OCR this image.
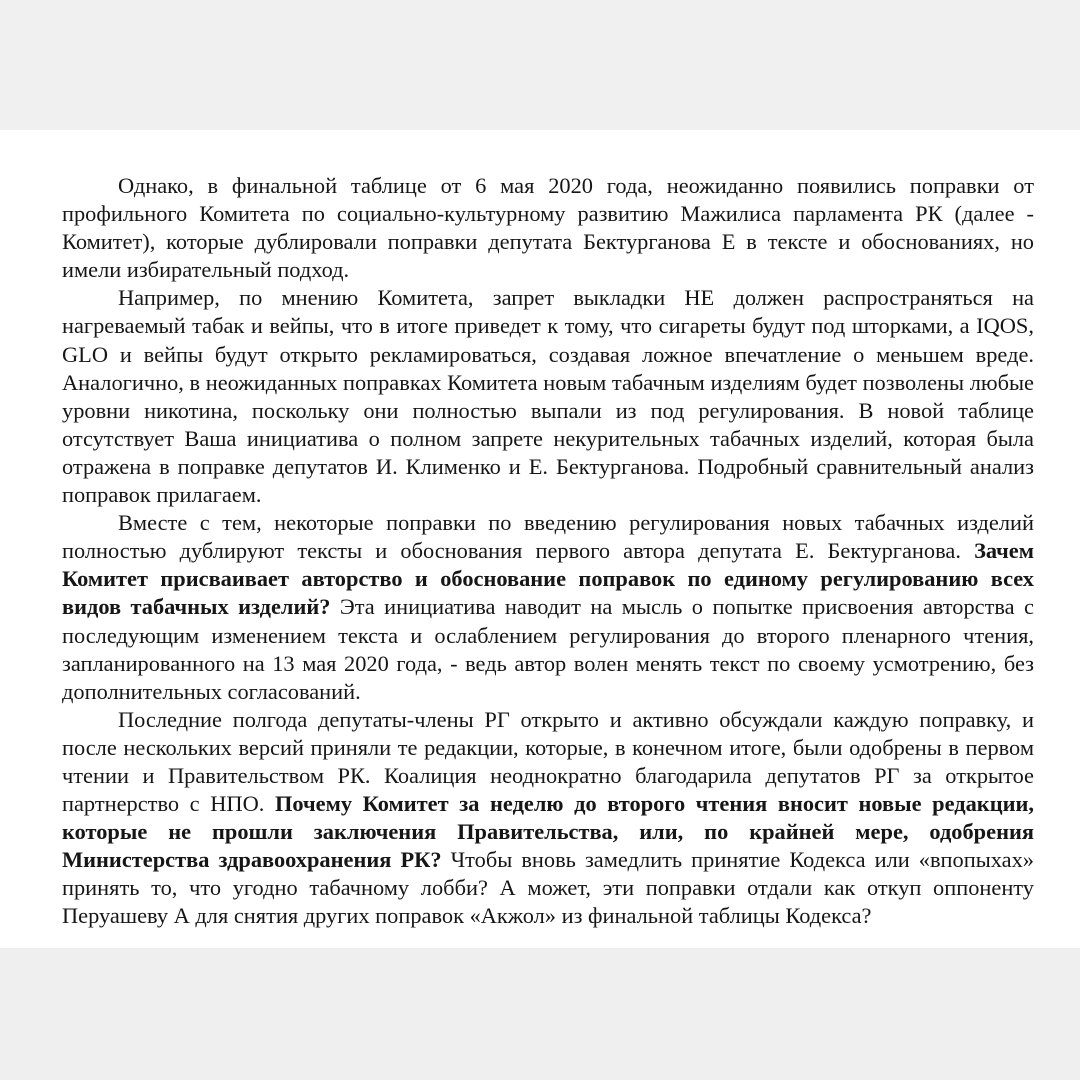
Однако, в финальной таблице от 6 мая 2020 года, неожиданно появились поправки от профильного Комитета по социально-культурному развитию Мажилиса парламента РК (далее - Комитет), которые дублировали поправки депутата Бектурганова Е в тексте и обоснованиях, но имели избирательный подход.

Например, по мнению Комитета, запрет выкладки НЕ должен распространяться на нагреваемый табак и вейпы, что в итоге приведет к тому, что сигареты будут под шторками, а IQOS, GLO и вейпы будут открыто рекламироваться, создавая ложное впечатление о меньшем вреде. Аналогично, в неожиданных поправках Комитета новым табачным изделиям будет позволены любые уровни никотина, поскольку они полностью выпали из под регулирования. В новой таблице отсутствует Ваша инициатива о полном запрете некурительных табачных изделий, которая была отражена в поправке депутатов И. Клименко и Е. Бектурганова. Подробный сравнительный анализ поправок прилагаем.

Вместе с тем, некоторые поправки по введению регулирования новых табачных изделий полностью дублируют тексты и обоснования первого автора депутата Е. Бектурганова. Зачем Комитет присваивает авторство и обоснование поправок по единому регулированию всех видов табачных изделий? Эта инициатива наводит на мысль о попытке присвоения авторства с последующим изменением текста и ослаблением регулирования до второго пленарного чтения, запланированного на 13 мая 2020 года, - ведь автор волен менять текст по своему усмотрению, без дополнительных согласований.

Последние полгода депутаты-члены РГ открыто и активно обсуждали каждую поправку, и после нескольких версий приняли те редакции, которые, в конечном итоге, были одобрены в первом чтении и Правительством РК. Коалиция неоднократно благодарила депутатов РГ за открытое партнерство с НПО. Почему Комитет за неделю до второго чтения вносит новые редакции, которые не прошли заключения Правительства, или, по крайней мере, одобрения Министерства здравоохранения РК? Чтобы вновь замедлить принятие Кодекса или «впопыхах» принять то, что угодно табачному лобби? А может, эти поправки отдали как откуп оппоненту Перуашеву А для снятия других поправок «Акжол» из финальной таблицы Кодекса?
